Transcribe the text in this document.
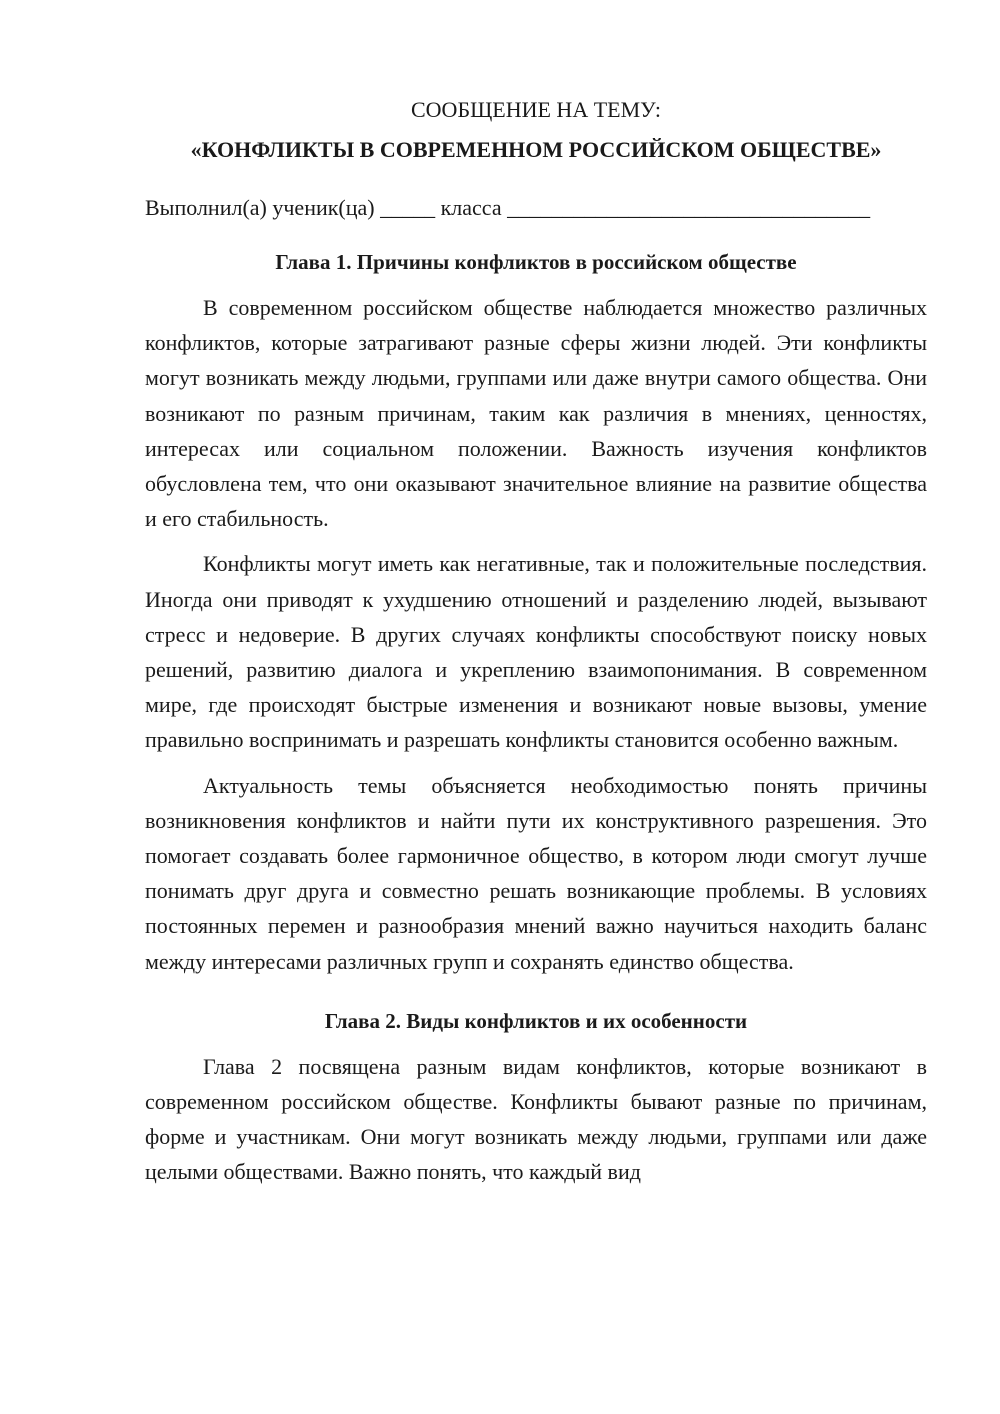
СООБЩЕНИЕ НА ТЕМУ:

«КОНФЛИКТЫ В СОВРЕМЕННОМ РОССИЙСКОМ ОБЩЕСТВЕ»

Выполнил(а) ученик(ца) _____ класса _________________________________

Глава 1. Причины конфликтов в российском обществе

В современном российском обществе наблюдается множество различных конфликтов, которые затрагивают разные сферы жизни людей. Эти конфликты могут возникать между людьми, группами или даже внутри самого общества. Они возникают по разным причинам, таким как различия в мнениях, ценностях, интересах или социальном положении. Важность изучения конфликтов обусловлена тем, что они оказывают значительное влияние на развитие общества и его стабильность.

Конфликты могут иметь как негативные, так и положительные последствия. Иногда они приводят к ухудшению отношений и разделению людей, вызывают стресс и недоверие. В других случаях конфликты способствуют поиску новых решений, развитию диалога и укреплению взаимопонимания. В современном мире, где происходят быстрые изменения и возникают новые вызовы, умение правильно воспринимать и разрешать конфликты становится особенно важным.

Актуальность темы объясняется необходимостью понять причины возникновения конфликтов и найти пути их конструктивного разрешения. Это помогает создавать более гармоничное общество, в котором люди смогут лучше понимать друг друга и совместно решать возникающие проблемы. В условиях постоянных перемен и разнообразия мнений важно научиться находить баланс между интересами различных групп и сохранять единство общества.

Глава 2. Виды конфликтов и их особенности

Глава 2 посвящена разным видам конфликтов, которые возникают в современном российском обществе. Конфликты бывают разные по причинам, форме и участникам. Они могут возникать между людьми, группами или даже целыми обществами. Важно понять, что каждый вид
